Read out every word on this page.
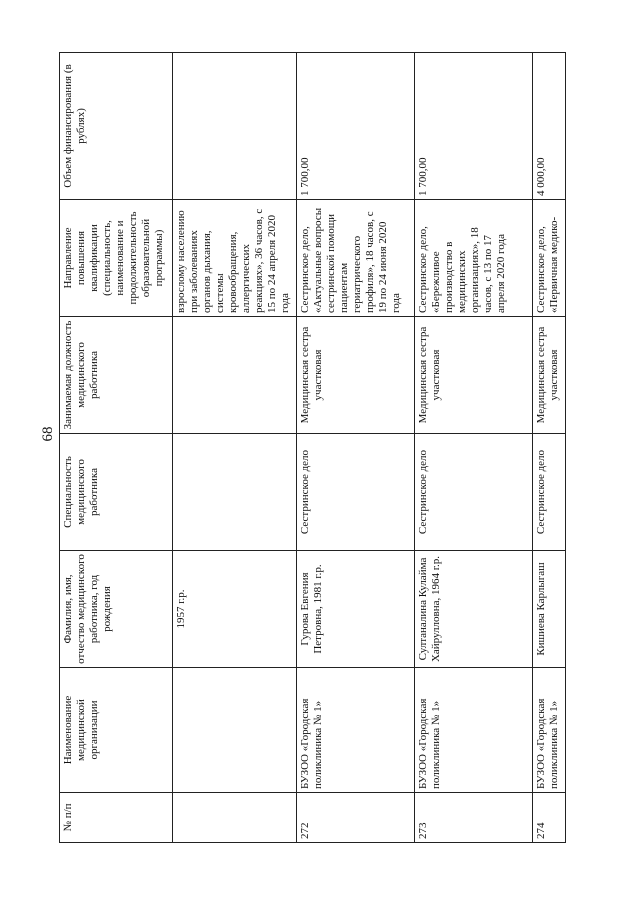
68
№ п/п	Наименование медицинской организации	Фамилия, имя, отчество медицинского работника, год рождения	Специальность медицинского работника	Занимаемая должность медицинского работника	Направление повышения квалификации (специальность, наименование и продолжительность образовательной программы)	Объем финансирования (в рублях)
		1957 г.р.			взрослому населению при заболеваниях органов дыхания, системы кровообращения, аллергических реакциях», 36 часов, с 15 по 24 апреля 2020 года	
272	БУЗОО «Городская поликлиника № 1»	Гурова Евгения Петровна, 1981 г.р.	Сестринское дело	Медицинская сестра участковая	Сестринское дело, «Актуальные вопросы сестринской помощи пациентам гериатрического профиля», 18 часов, с 19 по 24 июня 2020 года	1 700,00
273	БУЗОО «Городская поликлиника № 1»	Султаналина Кулайма Хайрулловна, 1964 г.р.	Сестринское дело	Медицинская сестра участковая	Сестринское дело, «Бережливое производство в медицинских организациях», 18 часов, с 13 по 17 апреля 2020 года	1 700,00
274	БУЗОО «Городская поликлиника № 1»	Кишиева Карлыгаш	Сестринское дело	Медицинская сестра участковая	Сестринское дело, «Первичная медико-	4 000,00
